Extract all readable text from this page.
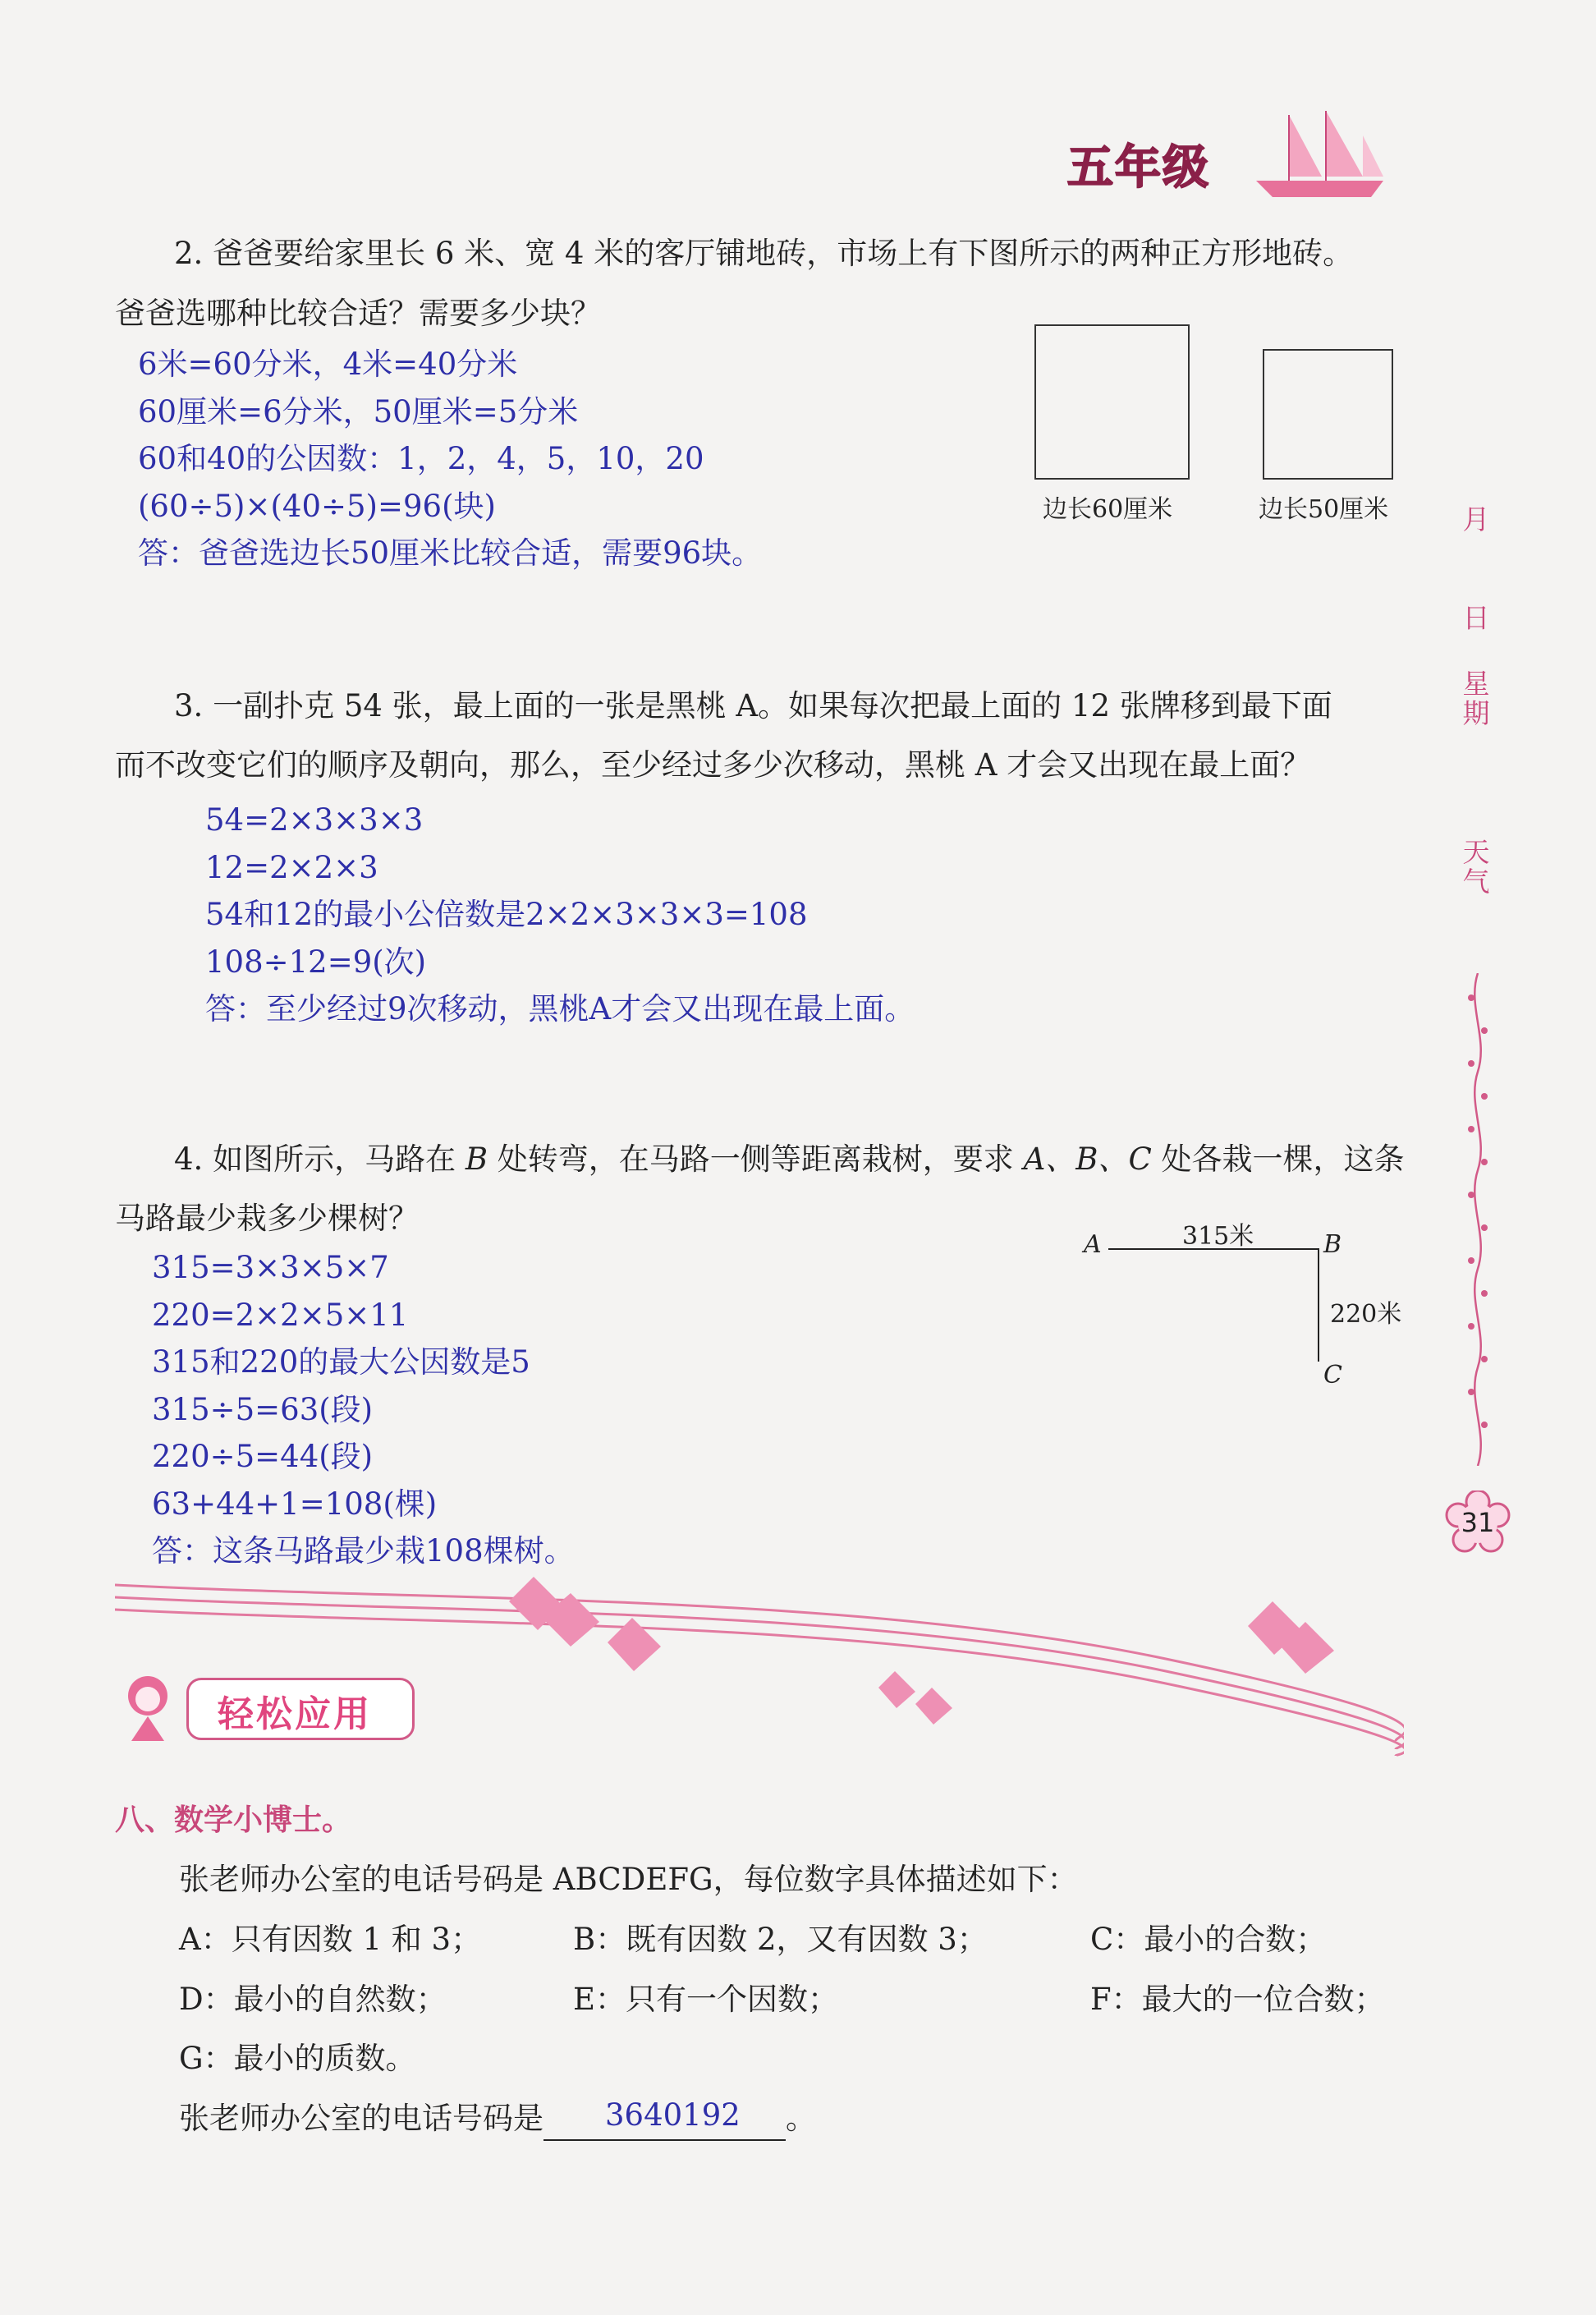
五年级
月
日
星期
天气
31
2. 爸爸要给家里长 6 米、宽 4 米的客厅铺地砖，市场上有下图所示的两种正方形地砖。
爸爸选哪种比较合适？需要多少块？
6米=60分米，4米=40分米
60厘米=6分米，50厘米=5分米
60和40的公因数：1，2，4，5，10，20
(60÷5)×(40÷5)=96(块)
答：爸爸选边长50厘米比较合适，需要96块。
边长60厘米	边长50厘米
3. 一副扑克 54 张，最上面的一张是黑桃 A。如果每次把最上面的 12 张牌移到最下面
而不改变它们的顺序及朝向，那么，至少经过多少次移动，黑桃 A 才会又出现在最上面？
54=2×3×3×3
12=2×2×3
54和12的最小公倍数是2×2×3×3×3=108
108÷12=9(次)
答：至少经过9次移动，黑桃A才会又出现在最上面。
4. 如图所示，马路在 B 处转弯，在马路一侧等距离栽树，要求 A、B、C 处各栽一棵，这条
马路最少栽多少棵树？
315=3×3×5×7
220=2×2×5×11
315和220的最大公因数是5
315÷5=63(段)
220÷5=44(段)
63+44+1=108(棵)
答：这条马路最少栽108棵树。
A	B
C
315米
220米
轻松应用
八、数学小博士。
张老师办公室的电话号码是 ABCDEFG，每位数字具体描述如下：
A：只有因数 1 和 3；	B：既有因数 2，又有因数 3；	C：最小的合数；
D：最小的自然数；	E：只有一个因数；	F：最大的一位合数；
G：最小的质数。
张老师办公室的电话号码是 3640192 。
